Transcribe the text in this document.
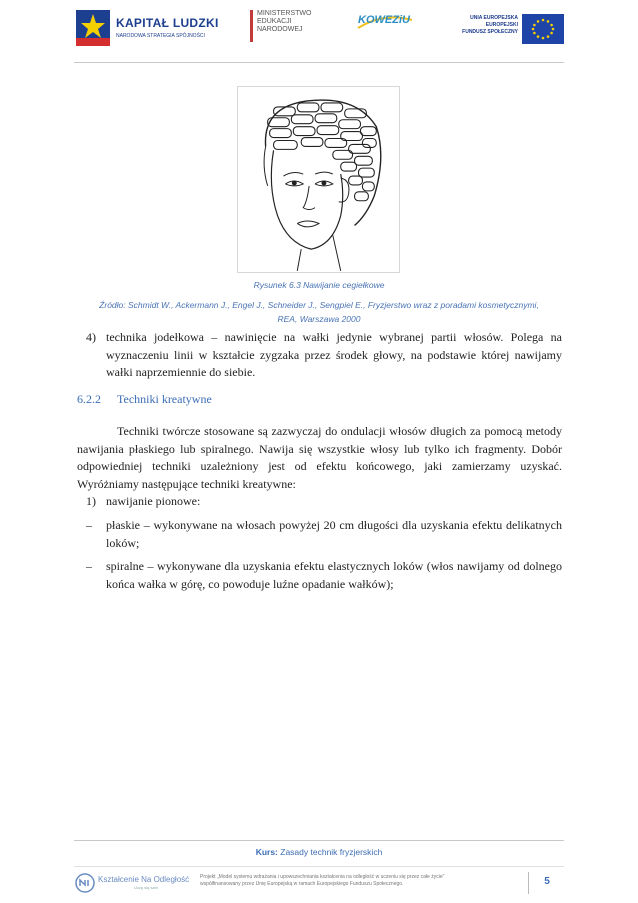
KAPITAŁ LUDZKI
NARODOWA STRATEGIA SPÓJNOŚCI
MINISTERSTWO
EDUKACJI
NARODOWEJ
KOWEZiU	UNIA EUROPEJSKA
EUROPEJSKI
FUNDUSZ SPOŁECZNY
Rysunek 6.3 Nawijanie cegiełkowe
Źródło: Schmidt W., Ackermann J., Engel J., Schneider J., Sengpiel E., Fryzjerstwo wraz z poradami kosmetycznymi, REA, Warszawa 2000
4) technika jodełkowa – nawinięcie na wałki jedynie wybranej partii włosów. Polega na wyznaczeniu linii w kształcie zygzaka przez środek głowy, na podstawie której nawijamy wałki naprzemiennie do siebie.
6.2.2 Techniki kreatywne
Techniki twórcze stosowane są zazwyczaj do ondulacji włosów długich za pomocą metody nawijania płaskiego lub spiralnego. Nawija się wszystkie włosy lub tylko ich fragmenty. Dobór odpowiedniej techniki uzależniony jest od efektu końcowego, jaki zamierzamy uzyskać. Wyróżniamy następujące techniki kreatywne:
1) nawijanie pionowe:
– płaskie – wykonywane na włosach powyżej 20 cm długości dla uzyskania efektu delikatnych loków;
– spiralne – wykonywane dla uzyskania efektu elastycznych loków (włos nawijamy od dolnego końca wałka w górę, co powoduje luźne opadanie wałków);
Kurs: Zasady technik fryzjerskich
Kształcenie Na Odległość
Uczę się sam
Projekt „Model systemu wdrażania i upowszechniania kształcenia na odległość w uczeniu się przez całe życie”
współfinansowany przez Unię Europejską w ramach Europejskiego Funduszu Społecznego.	5
